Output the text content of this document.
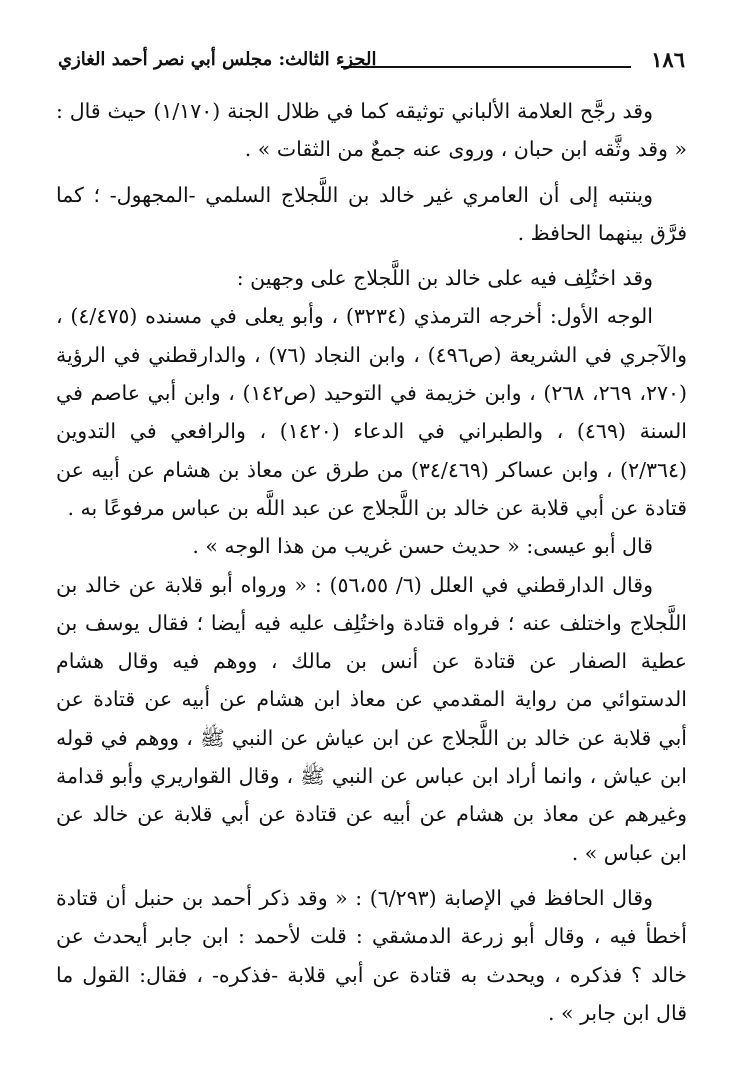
١٨٦
الجزء الثالث: مجلس أبي نصر أحمد الغازي

وقد رجَّح العلامة الألباني توثيقه كما في ظلال الجنة (١/١٧٠) حيث قال : « وقد وثَّقه ابن حبان ، وروى عنه جمعٌ من الثقات » .

وينتبه إلى أن العامري غير خالد بن اللَّجلاج السلمي -المجهول- ؛ كما فرَّق بينهما الحافظ .

وقد اختُلِف فيه على خالد بن اللَّجلاج على وجهين :

الوجه الأول: أخرجه الترمذي (٣٢٣٤) ، وأبو يعلى في مسنده (٤/٤٧٥) ، والآجري في الشريعة (ص٤٩٦) ، وابن النجاد (٧٦) ، والدارقطني في الرؤية (٢٧٠، ٢٦٩، ٢٦٨) ، وابن خزيمة في التوحيد (ص١٤٢) ، وابن أبي عاصم في السنة (٤٦٩) ، والطبراني في الدعاء (١٤٢٠) ، والرافعي في التدوين (٢/٣٦٤) ، وابن عساكر (٣٤/٤٦٩) من طرق عن معاذ بن هشام عن أبيه عن قتادة عن أبي قلابة عن خالد بن اللَّجلاج عن عبد اللَّه بن عباس مرفوعًا به .

قال أبو عيسى: « حديث حسن غريب من هذا الوجه » .

وقال الدارقطني في العلل (٦/ ٥٦،٥٥) : « ورواه أبو قلابة عن خالد بن اللَّجلاج واختلف عنه ؛ فرواه قتادة واختُلِف عليه فيه أيضا ؛ فقال يوسف بن عطية الصفار عن قتادة عن أنس بن مالك ، ووهم فيه وقال هشام الدستوائي من رواية المقدمي عن معاذ ابن هشام عن أبيه عن قتادة عن أبي قلابة عن خالد بن اللَّجلاج عن ابن عياش عن النبي ﷺ ، ووهم في قوله ابن عياش ، وانما أراد ابن عباس عن النبي ﷺ ، وقال القواريري وأبو قدامة وغيرهم عن معاذ بن هشام عن أبيه عن قتادة عن أبي قلابة عن خالد عن ابن عباس » .

وقال الحافظ في الإصابة (٦/٢٩٣) : « وقد ذكر أحمد بن حنبل أن قتادة أخطأ فيه ، وقال أبو زرعة الدمشقي : قلت لأحمد : ابن جابر أيحدث عن خالد ؟ فذكره ، ويحدث به قتادة عن أبي قلابة -فذكره- ، فقال: القول ما قال ابن جابر » .
